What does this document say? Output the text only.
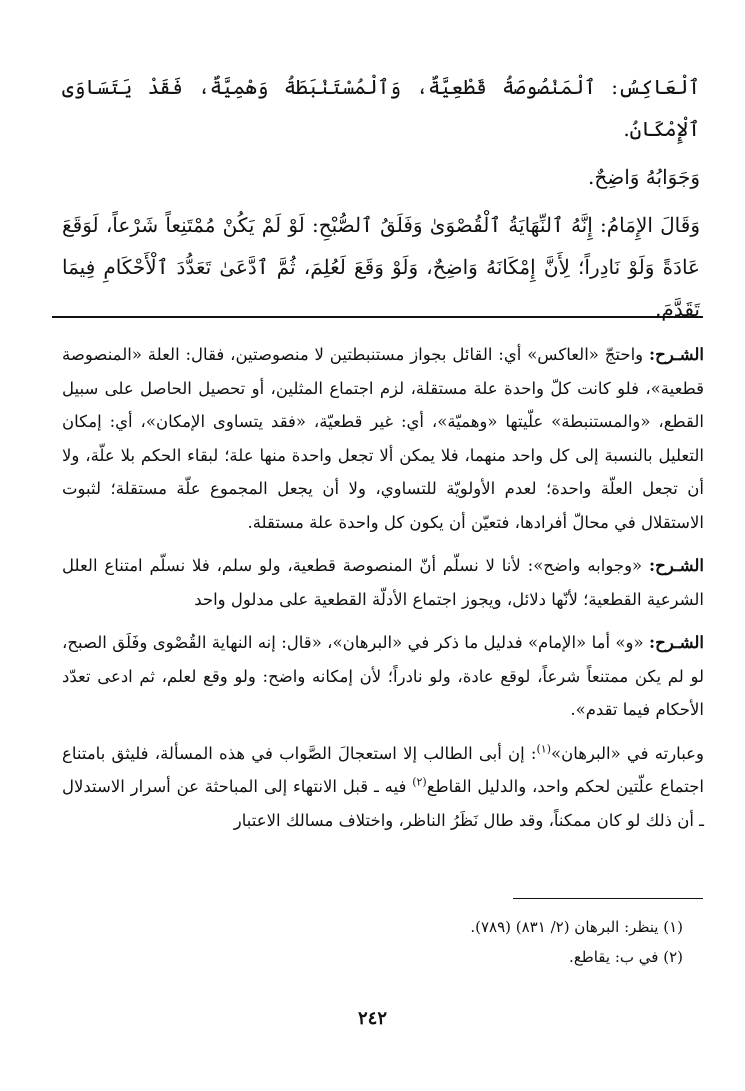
ٱلْعَاكِسُ: ٱلْمَنْصُوصَةُ قَطْعِيَّةٌ، وَٱلْمُسْتَنْبَطَةُ وَهْمِيَّةٌ، فَقَدْ يَتَسَاوَى ٱلْإِمْكَانُ.

وَجَوَابُهُ وَاضِحٌ.

وَقَالَ الإِمَامُ: إِنَّهُ ٱلنِّهَايَةُ ٱلْقُصْوَىٰ وَفَلَقُ ٱلصُّبْحِ: لَوْ لَمْ يَكُنْ مُمْتَنِعاً شَرْعاً، لَوَقَعَ عَادَةً وَلَوْ نَادِراً؛ لِأَنَّ إِمْكَانَهُ وَاضِحٌ، وَلَوْ وَقَعَ لَعُلِمَ، ثُمَّ ٱدَّعَىٰ تَعَدُّدَ ٱلْأَحْكَامِ فِيمَا تَقَدَّمَ.

الشـرح: واحتجّ «العاكس» أي: القائل بجواز مستنبطتين لا منصوصتين، فقال: العلة «المنصوصة قطعية»، فلو كانت كلّ واحدة علة مستقلة، لزم اجتماع المثلين، أو تحصيل الحاصل على سبيل القطع، «والمستنبطة» علّيتها «وهميّة»، أي: غير قطعيّة، «فقد يتساوى الإمكان»، أي: إمكان التعليل بالنسبة إلى كل واحد منهما، فلا يمكن ألا تجعل واحدة منها علة؛ لبقاء الحكم بلا علّة، ولا أن تجعل العلّة واحدة؛ لعدم الأولويّة للتساوي، ولا أن يجعل المجموع علّة مستقلة؛ لثبوت الاستقلال في محالّ أفرادها، فتعيّن أن يكون كل واحدة علة مستقلة.

الشـرح: «وجوابه واضح»: لأنا لا نسلّم أنّ المنصوصة قطعية، ولو سلم، فلا نسلّم امتناع العلل الشرعية القطعية؛ لأنّها دلائل، ويجوز اجتماع الأدلّة القطعية على مدلول واحد

الشـرح: «و» أما «الإمام» فدليل ما ذكر في «البرهان»، «قال: إنه النهاية القُصْوى وفَلَق الصبح، لو لم يكن ممتنعاً شرعاً، لوقع عادة، ولو نادراً؛ لأن إمكانه واضح: ولو وقع لعلم، ثم ادعى تعدّد الأحكام فيما تقدم».

وعبارته في «البرهان»$^{(١)}$: إن أبى الطالب إلا استعجالَ الصَّواب في هذه المسألة، فليثق بامتناع اجتماع علّتين لحكم واحد، والدليل القاطع$^{(٢)}$ فيه ـ قبل الانتهاء إلى المباحثة عن أسرار الاستدلال ـ أن ذلك لو كان ممكناً، وقد طال نَظَرُ الناظر، واختلاف مسالك الاعتبار

(١) ينظر: البرهان (٢/ ٨٣١) (٧٨٩).
(٢) في ب: يقاطع.
٢٤٢
